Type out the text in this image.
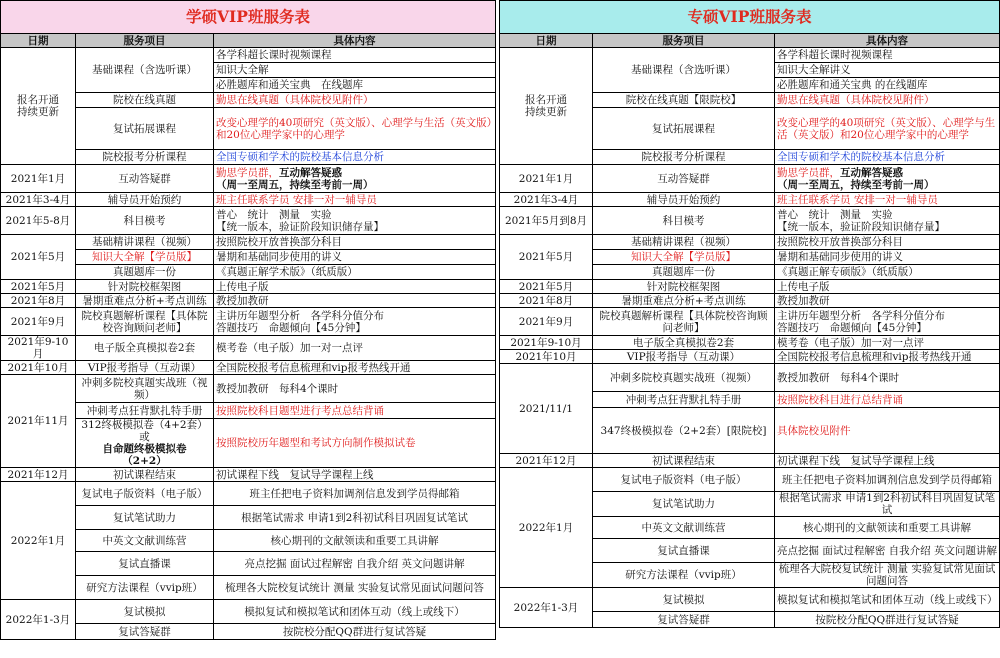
学硕VIP班服务表		
日期	服务项目	具体内容
报名开通
持续更新	基础课程（含选听课）	各学科超长课时视频课程
		知识大全解
		必胜题库和通关宝典　在线题库
	院校在线真题	勤思在线真题（具体院校见附件）
	复试拓展课程	改变心理学的40项研究（英文版）、心理学与生活（英文版）和20位心理学家中的心理学
	院校报考分析课程	全国专硕和学术的院校基本信息分析
2021年1月	互动答疑群	勤思学员群，互动解答疑惑
（周一至周五，持续至考前一周）
2021年3-4月	辅导员开始预约	班主任联系学员 安排一对一辅导员
2021年5-8月	科目模考	普心　统计　测量　实验
【统一版本，验证阶段知识储存量】
2021年5月	基础精讲课程（视频）	按照院校开放普换部分科目
	知识大全解【学员版】	暑期和基础同步使用的讲义
	真题题库一份	《真题正解学术版》（纸质版）
2021年5月	针对院校框架图	上传电子版
2021年8月	暑期重难点分析+考点训练	教授加教研
2021年9月	院校真题解析课程【具体院校咨询顾问老师】	主讲历年题型分析　各学科分值分布
答题技巧　命题倾向【45分钟】
2021年9-10月	电子版全真模拟卷2套	模考卷（电子版）加一对一点评
2021年10月	VIP报考指导（互动课）	全国院校报考信息梳理和vip报考热线开通
2021年11月	冲刺多院校真题实战班（视频）	教授加教研　每科4个课时
	冲刺考点狂背默扎特手册	按照院校科目题型进行考点总结背诵
	312终极模拟卷（4+2套）或
自命题终极模拟卷
（2+2）	按照院校历年题型和考试方向制作模拟试卷
2021年12月	初试课程结束	初试课程下线　复试导学课程上线
2022年1月	复试电子版资料（电子版）	班主任把电子资料加调剂信息发到学员得邮箱
	复试笔试助力	根据笔试需求 申请1到2科初试科目巩固复试笔试
	中英文文献训练营	核心期刊的文献领读和重要工具讲解
	复试直播课	亮点挖掘 面试过程解密 自我介绍 英文问题讲解
	研究方法课程（vvip班）	梳理各大院校复试统计 测量 实验复试常见面试问题问答
2022年1-3月	复试模拟	模拟复试和模拟笔试和团体互动（线上或线下）
	复试答疑群	按院校分配QQ群进行复试答疑
专硕VIP班服务表		
日期	服务项目	具体内容
报名开通
持续更新	基础课程（含选听课）	各学科超长课时视频课程
		知识大全解讲义
		必胜题库和通关宝典 的在线题库
	院校在线真题【限院校】	勤思在线真题（具体院校见附件）
	复试拓展课程	改变心理学的40项研究（英文版）、心理学与生活（英文版）和20位心理学家中的心理学
	院校报考分析课程	全国专硕和学术的院校基本信息分析
2021年1月	互动答疑群	勤思学员群，互动解答疑惑
（周一至周五，持续至考前一周）
2021年3-4月	辅导员开始预约	班主任联系学员 安排一对一辅导员
2021年5月到8月	科目模考	普心　统计　测量　实验
【统一版本，验证阶段知识储存量】
2021年5月	基础精讲课程（视频）	按照院校开放普换部分科目
	知识大全解【学员版】	暑期和基础同步使用的讲义
	真题题库一份	《真题正解专硕版》（纸质版）
2021年5月	针对院校框架图	上传电子版
2021年8月	暑期重难点分析+考点训练	教授加教研
2021年9月	院校真题解析课程【具体院校咨询顾问老师】	主讲历年题型分析　各学科分值分布
答题技巧　命题倾向【45分钟】
2021年9-10月	电子版全真模拟卷2套	模考卷（电子版）加一对一点评
2021年10月	VIP报考指导（互动课）	全国院校报考信息梳理和vip报考热线开通
2021/11/1	冲刺多院校真题实战班（视频）	教授加教研　每科4个课时
	冲刺考点狂背默扎特手册	按照院校科目进行总结背诵
	347终极模拟卷（2+2套）[限院校]	具体院校见附件
2021年12月	初试课程结束	初试课程下线　复试导学课程上线
2022年1月	复试电子版资料（电子版）	班主任把电子资料加调剂信息发到学员得邮箱
	复试笔试助力	根据笔试需求 申请1到2科初试科目巩固复试笔试
	中英文文献训练营	核心期刊的文献领读和重要工具讲解
	复试直播课	亮点挖掘 面试过程解密 自我介绍 英文问题讲解
	研究方法课程（vvip班）	梳理各大院校复试统计 测量 实验复试常见面试问题问答
2022年1-3月	复试模拟	模拟复试和模拟笔试和团体互动（线上或线下）
	复试答疑群	按院校分配QQ群进行复试答疑
